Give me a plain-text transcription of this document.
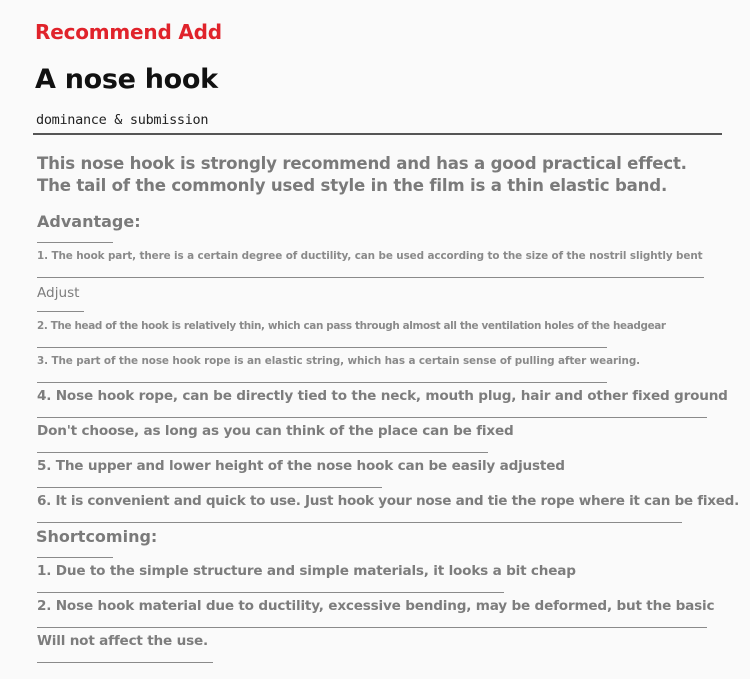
Recommend Add
A nose hook
dominance & submission
This nose hook is strongly recommend and has a good practical effect. The tail of the commonly used style in the film is a thin elastic band.
Advantage:
1. The hook part, there is a certain degree of ductility, can be used according to the size of the nostril slightly bent
Adjust
2. The head of the hook is relatively thin, which can pass through almost all the ventilation holes of the headgear
3. The part of the nose hook rope is an elastic string, which has a certain sense of pulling after wearing.
4. Nose hook rope, can be directly tied to the neck, mouth plug, hair and other fixed ground
Don't choose, as long as you can think of the place can be fixed
5. The upper and lower height of the nose hook can be easily adjusted
6. It is convenient and quick to use. Just hook your nose and tie the rope where it can be fixed.
Shortcoming:
1. Due to the simple structure and simple materials, it looks a bit cheap
2. Nose hook material due to ductility, excessive bending, may be deformed, but the basic
Will not affect the use.
